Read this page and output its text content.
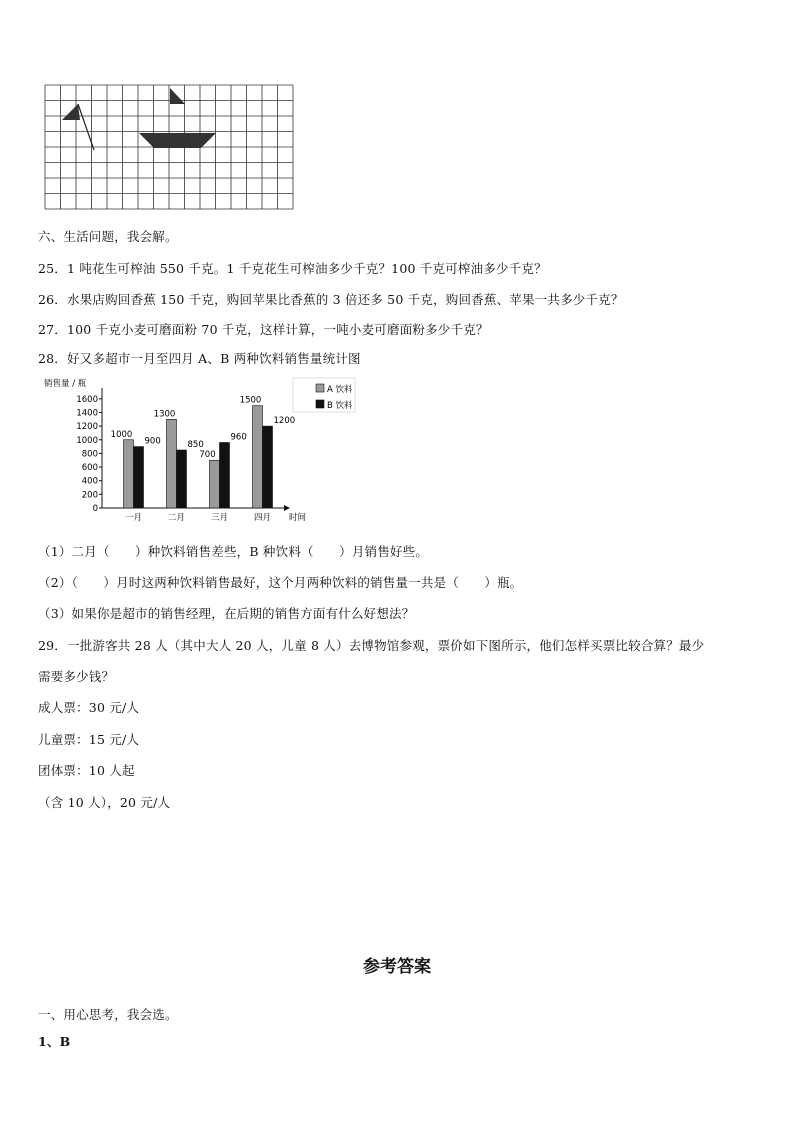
六、生活问题，我会解。
25．1 吨花生可榨油 550 千克。1 千克花生可榨油多少千克？100 千克可榨油多少千克？
26．水果店购回香蕉 150 千克，购回苹果比香蕉的 3 倍还多 50 千克，购回香蕉、苹果一共多少千克？
27．100 千克小麦可磨面粉 70 千克，这样计算，一吨小麦可磨面粉多少千克？
28．好又多超市一月至四月 A、B 两种饮料销售量统计图
销售量 / 瓶
时间
0
200
400
600
800
1000
1200
1400
1600
1000
900
一月
1300
850
二月
700
960
三月
1500
1200
四月
A 饮料
B 饮料
（1）二月（　　）种饮料销售差些，B 种饮料（　　）月销售好些。
（2）（　　）月时这两种饮料销售最好，这个月两种饮料的销售量一共是（　　）瓶。
（3）如果你是超市的销售经理，在后期的销售方面有什么好想法？
29．一批游客共 28 人（其中大人 20 人，儿童 8 人）去博物馆参观，票价如下图所示，他们怎样买票比较合算？最少
需要多少钱？
成人票：30 元/人
儿童票：15 元/人
团体票：10 人起
（含 10 人），20 元/人
参考答案
一、用心思考，我会选。
1、B
